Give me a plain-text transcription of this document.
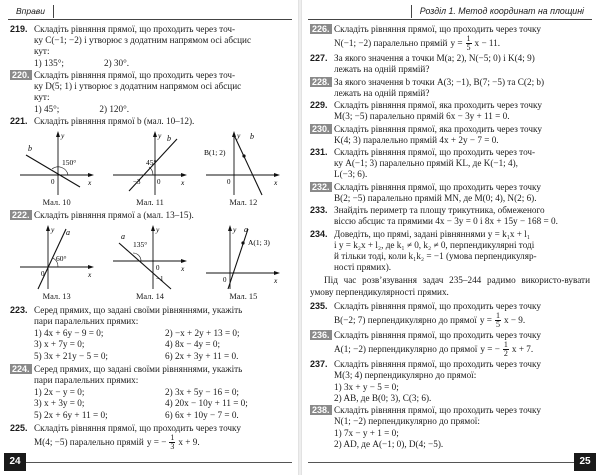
Вправи
219. Складіть рівняння прямої, що проходить через точ-
ку C(−1; −2) і утворює з додатним напрямом осі абсцис
кут:
1) 135°;	2) 30°.
220. Складіть рівняння прямої, що проходить через точ-
ку D(5; 1) і утворює з додатним напрямом осі абсцис
кут:
1) 45°;	2) 120°.
221. Складіть рівняння прямої b (мал. 10–12).
b
150°
x
y
0
Мал. 10
b
45°
x
y
0
−3
Мал. 11
b
B(1; 2)
x
y
0
Мал. 12
222. Складіть рівняння прямої a (мал. 13–15).
a
60°
x
y
0
Мал. 13
a
135°
x
y
0
−1
Мал. 14
a
A(1; 3)
x
y
0
Мал. 15
223. Серед прямих, що задані своїми рівняннями, укажіть
пари паралельних прямих:
1) 4x + 6y − 9 = 0;	2) −x + 2y + 13 = 0;
3) x + 7y = 0;	4) 8x − 4y = 0;
5) 3x + 21y − 5 = 0;	6) 2x + 3y + 11 = 0.
224. Серед прямих, що задані своїми рівняннями, укажіть
пари паралельних прямих:
1) 2x − y = 0;	2) 3x + 5y − 16 = 0;
3) x + 3y = 0;	4) 20x − 10y + 11 = 0;
5) 2x + 6y + 11 = 0;	6) 6x + 10y − 7 = 0.
225. Складіть рівняння прямої, що проходить через точку
M(4; −5) паралельно прямій y = − $\frac{1}{3}$ x + 9.
24
Розділ 1. Метод координат на площині
226. Складіть рівняння прямої, що проходить через точку
N(−1; −2) паралельно прямій $y = \frac{1}{5}$ x − 11.
227. За якого значення a точки M(a; 2), N(−5; 0) і K(4; 9)
лежать на одній прямій?
228. За якого значення b точки A(3; −1), B(7; −5) та C(2; b)
лежать на одній прямій?
229. Складіть рівняння прямої, яка проходить через точку
M(3; −5) паралельно прямій 6x − 3y + 11 = 0.
230. Складіть рівняння прямої, яка проходить через точку
K(4; 3) паралельно прямій 4x + 2y − 7 = 0.
231. Складіть рівняння прямої, що проходить через точ-
ку A(−1; 3) паралельно прямій KL, де K(−1; 4),
L(−3; 6).
232. Складіть рівняння прямої, що проходить через точку
B(2; −5) паралельно прямій MN, де M(0; 4), N(2; 6).
233. Знайдіть периметр та площу трикутника, обмеженого
віссю абсцис та прямими 4x − 3y = 0 і 8x + 15y − 168 = 0.
234. Доведіть, що прямі, задані рівняннями y = k₁x + l₁
і y = k₂x + l₂, де k₁ ≠ 0, k₂ ≠ 0, перпендикулярні тоді
й тільки тоді, коли k₁k₂ = −1 (умова перпендикуляр-
ності прямих).
Під час розв’язування задач 235–244 радимо використо-вувати умову перпендикулярності прямих.
235. Складіть рівняння прямої, що проходить через точку
B(−2; 7) перпендикулярно до прямої $y = \frac{1}{5}$ x − 9.
236. Складіть рівняння прямої, що проходить через точку
A(1; −2) перпендикулярно до прямої y = − $\frac{1}{2}$ x + 7.
237. Складіть рівняння прямої, що проходить через точку
M(3; 4) перпендикулярно до прямої:
1) 3x + y − 5 = 0;
2) AB, де B(0; 3), C(3; 6).
238. Складіть рівняння прямої, що проходить через точку
N(1; −2) перпендикулярно до прямої:
1) 7x − y + 1 = 0;
2) AD, де A(−1; 0), D(4; −5).
25
